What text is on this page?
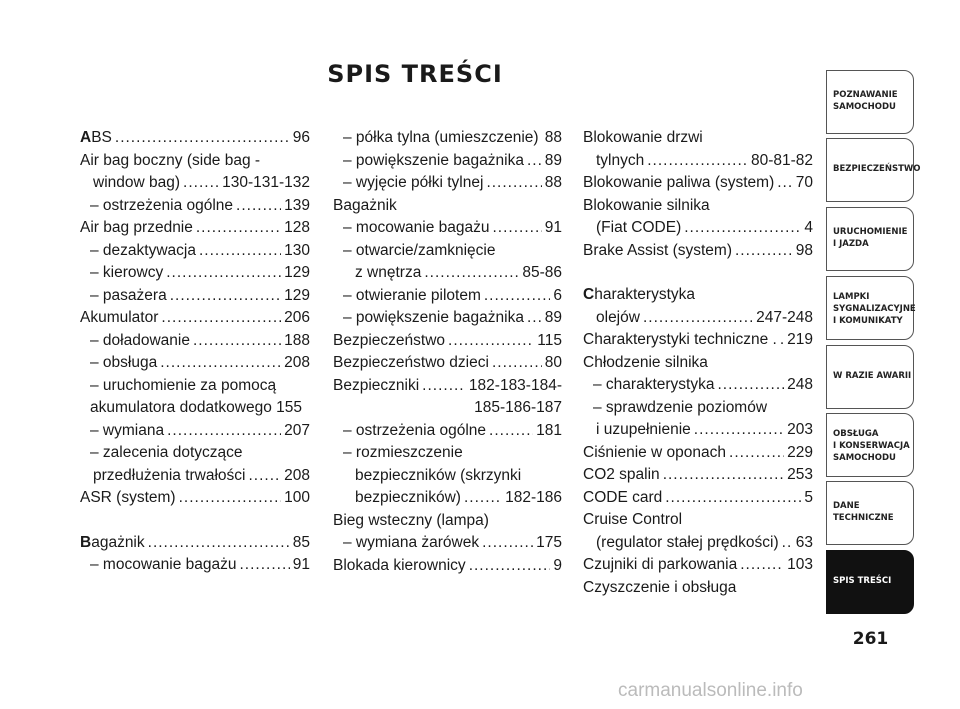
SPIS TREŚCI
ABS .....	96
Air bag boczny (side bag -
window bag) .....	130-131-132
– ostrzeżenia ogólne .....	139
Air bag przednie .....	128
– dezaktywacja .....	130
– kierowcy .....	129
– pasażera .....	129
Akumulator .....	206
– doładowanie .....	188
– obsługa .....	208
– uruchomienie za pomocą
akumulatora dodatkowego 155
– wymiana .....	207
– zalecenia dotyczące
przedłużenia trwałości ..... 208
ASR (system) .....	100
Bagażnik .....	85
– mocowanie bagażu .....	91
– półka tylna (umieszczenie) ..... 88
– powiększenie bagażnika ..... 89
– wyjęcie półki tylnej .....	88
Bagażnik
– mocowanie bagażu .....	91
– otwarcie/zamknięcie
z wnętrza .....	85-86
– otwieranie pilotem .....	6
– powiększenie bagażnika ..... 89
Bezpieczeństwo .....	115
Bezpieczeństwo dzieci .....	80
Bezpieczniki .....	182-183-184-
185-186-187
– ostrzeżenia ogólne .....	181
– rozmieszczenie
bezpieczników (skrzynki
bezpieczników) .....	182-186
Bieg wsteczny (lampa)
– wymiana żarówek .....	175
Blokada kierownicy .....	9
Blokowanie drzwi
tylnych .....	80-81-82
Blokowanie paliwa (system) ..... 70
Blokowanie silnika
(Fiat CODE) .....	4
Brake Assist (system) .....	98
Charakterystyka
olejów .....	247-248
Charakterystyki techniczne . ..... 219
Chłodzenie silnika
– charakterystyka .....	248
– sprawdzenie poziomów
i uzupełnienie .....	203
Ciśnienie w oponach .....	229
CO2 spalin .....	253
CODE card .....	5
Cruise Control
(regulator stałej prędkości) ..... 63
Czujniki di parkowania .....	103
Czyszczenie i obsługa
POZNAWANIE
SAMOCHODU
BEZPIECZEŃSTWO
URUCHOMIENIE
I JAZDA
LAMPKI
SYGNALIZACYJNE
I KOMUNIKATY
W RAZIE AWARII
OBSŁUGA
I KONSERWACJA
SAMOCHODU
DANE
TECHNICZNE
SPIS TREŚCI
261
carmanualsonline.info
